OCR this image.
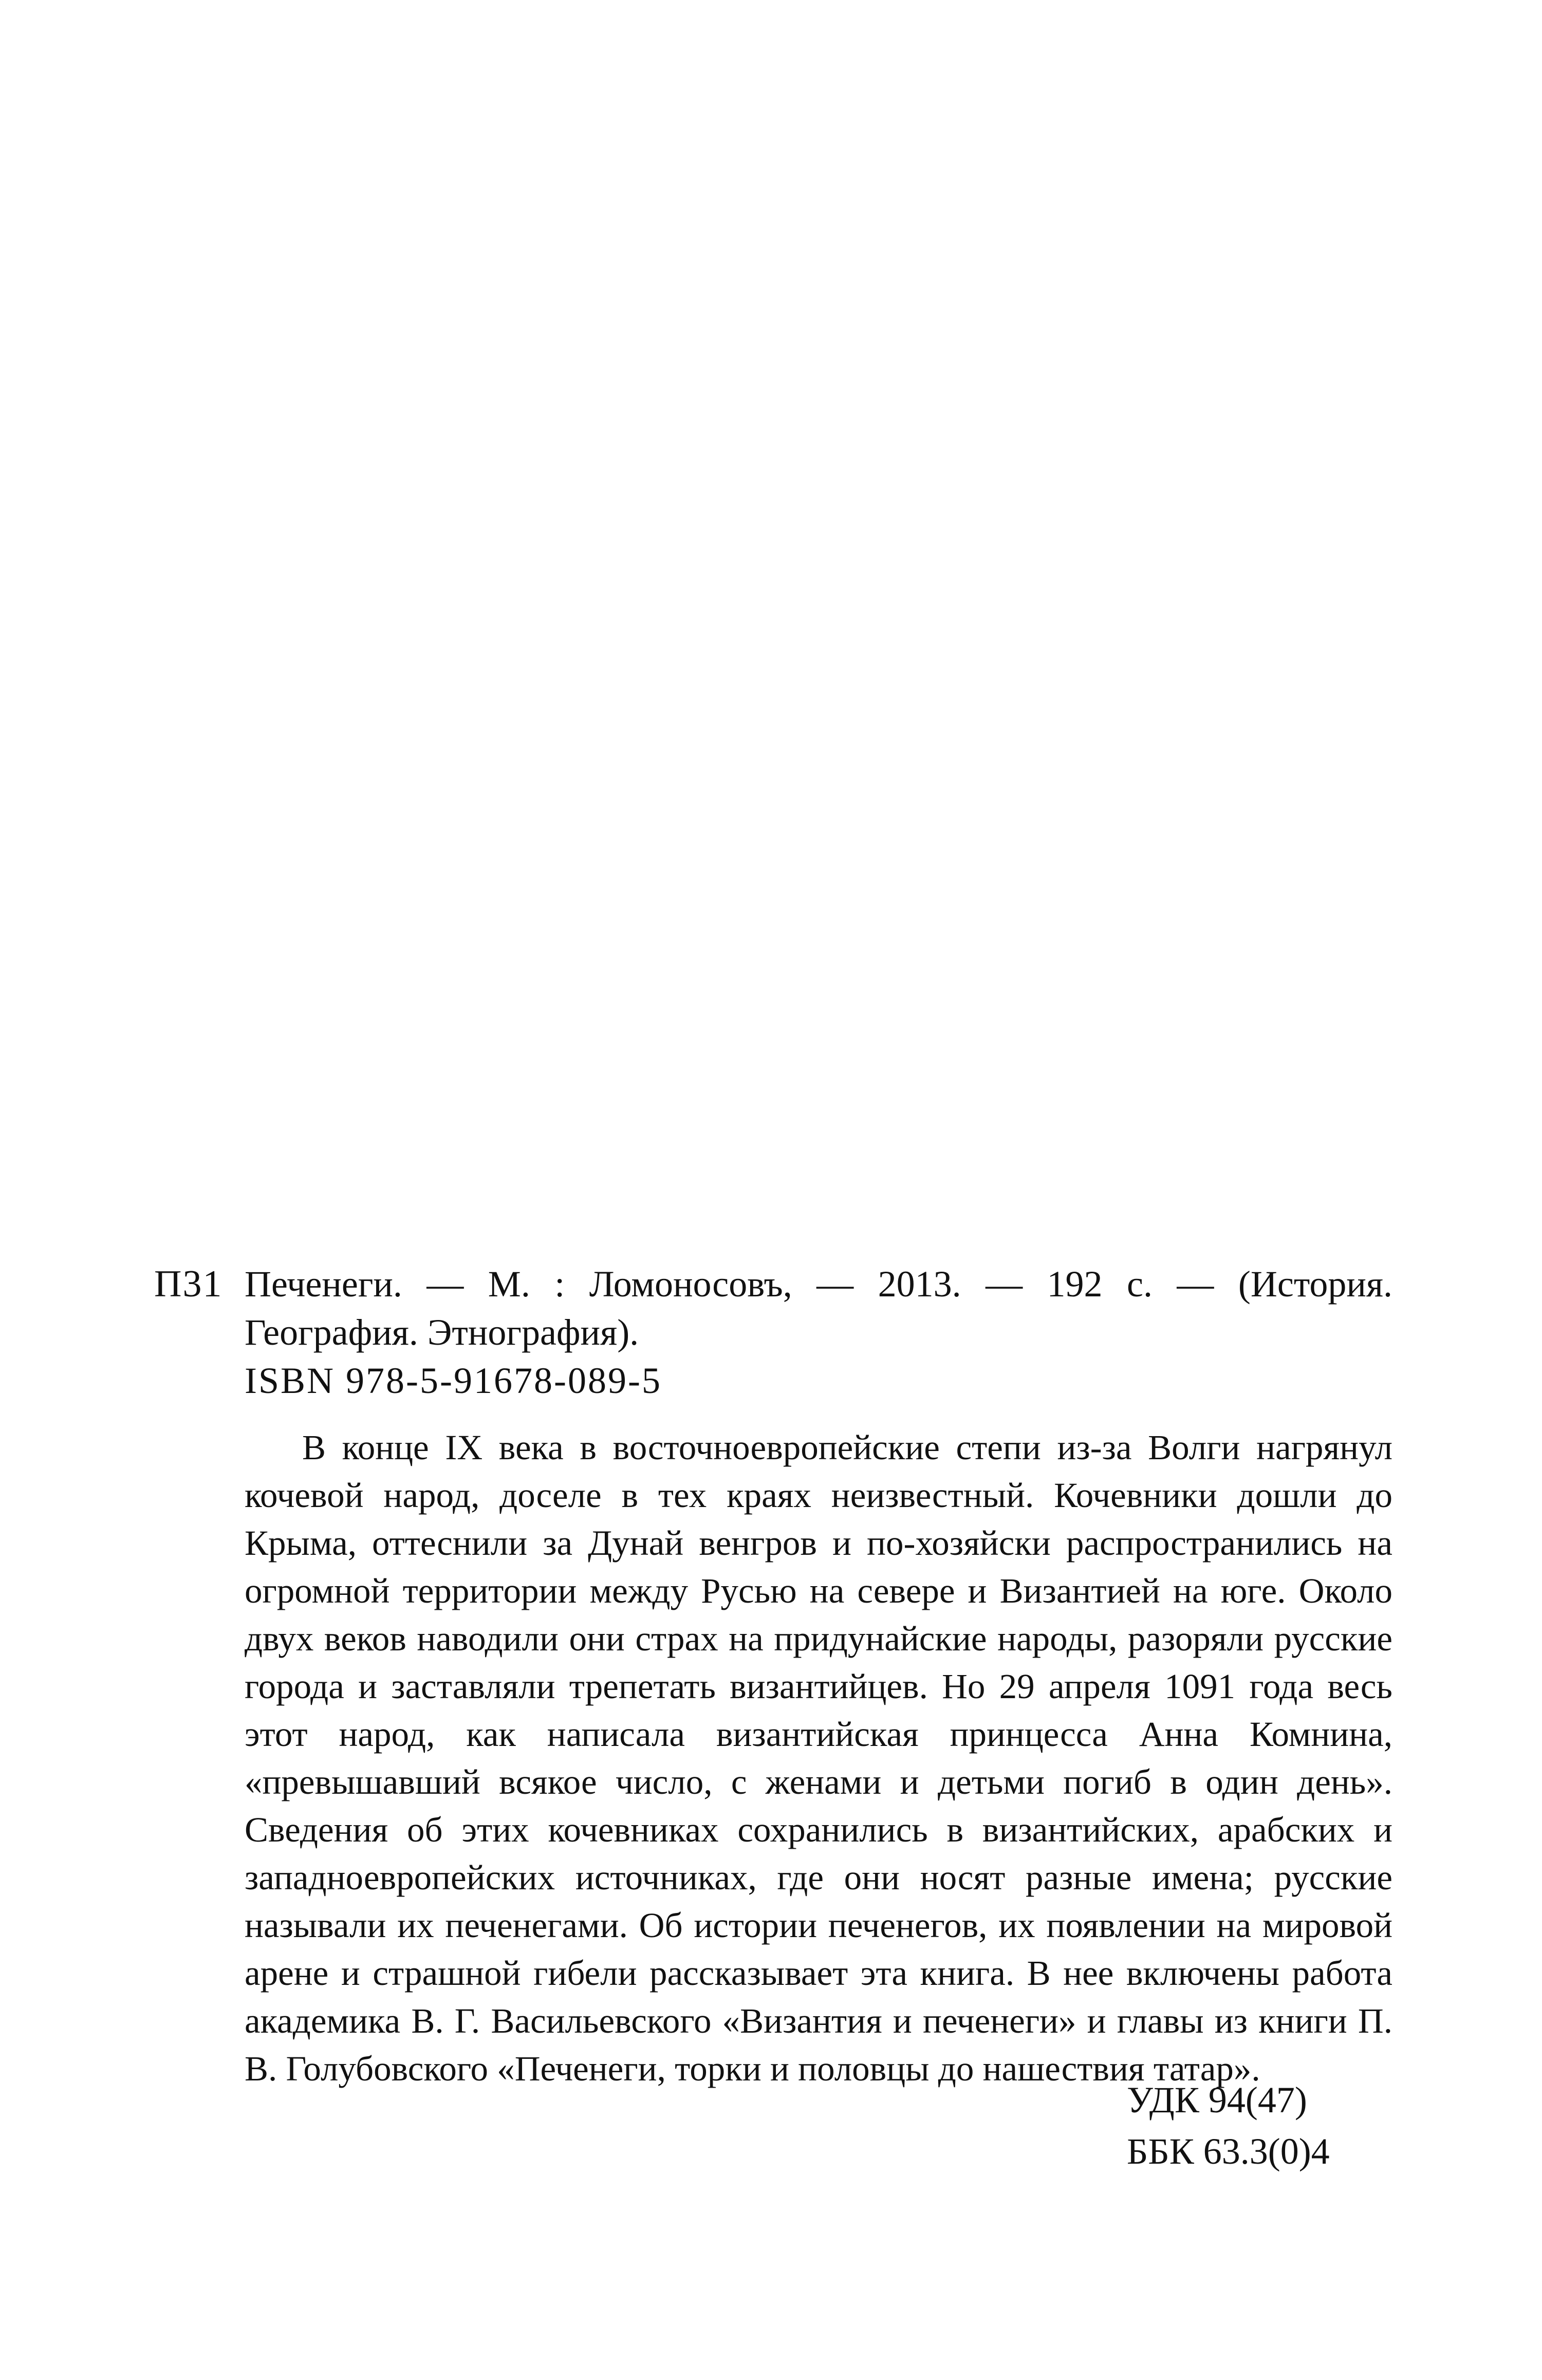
П31 Печенеги. — М. : Ломоносовъ, — 2013. — 192 с. — (История. География. Этнография).
ISBN 978-5-91678-089-5
В конце IX века в восточноевропейские степи из-за Волги нагрянул кочевой народ, доселе в тех краях неизвестный. Кочевники дошли до Крыма, оттеснили за Дунай венгров и по-хозяйски распространились на огромной территории между Русью на севере и Византией на юге. Около двух веков наводили они страх на придунайские народы, разоряли русские города и заставляли трепетать византийцев. Но 29 апреля 1091 года весь этот народ, как написала византийская принцесса Анна Комнина, «превышавший всякое число, с женами и детьми погиб в один день». Сведения об этих кочевниках сохранились в византийских, арабских и западноевропейских источниках, где они носят разные имена; русские называли их печенегами. Об истории печенегов, их появлении на мировой арене и страшной гибели рассказывает эта книга. В нее включены работа академика В. Г. Васильевского «Византия и печенеги» и главы из книги П. В. Голубовского «Печенеги, торки и половцы до нашествия татар».
УДК 94(47)
ББК 63.3(0)4
